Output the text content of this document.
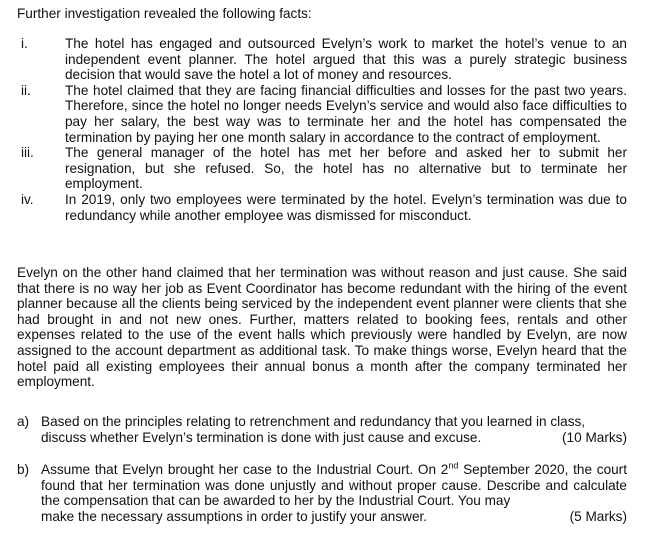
Further investigation revealed the following facts:
i.	The hotel has engaged and outsourced Evelyn’s work to market the hotel’s venue to an independent event planner. The hotel argued that this was a purely strategic business decision that would save the hotel a lot of money and resources.
ii.	The hotel claimed that they are facing financial difficulties and losses for the past two years. Therefore, since the hotel no longer needs Evelyn’s service and would also face difficulties to pay her salary, the best way was to terminate her and the hotel has compensated the termination by paying her one month salary in accordance to the contract of employment.
iii.	The general manager of the hotel has met her before and asked her to submit her resignation, but she refused. So, the hotel has no alternative but to terminate her employment.
iv.	In 2019, only two employees were terminated by the hotel. Evelyn’s termination was due to redundancy while another employee was dismissed for misconduct.
Evelyn on the other hand claimed that her termination was without reason and just cause. She said that there is no way her job as Event Coordinator has become redundant with the hiring of the event planner because all the clients being serviced by the independent event planner were clients that she had brought in and not new ones. Further, matters related to booking fees, rentals and other expenses related to the use of the event halls which previously were handled by Evelyn, are now assigned to the account department as additional task. To make things worse, Evelyn heard that the hotel paid all existing employees their annual bonus a month after the company terminated her employment.
a) Based on the principles relating to retrenchment and redundancy that you learned in class,
discuss whether Evelyn’s termination is done with just cause and excuse.	(10 Marks)
b) Assume that Evelyn brought her case to the Industrial Court. On 2nd September 2020, the court found that her termination was done unjustly and without proper cause. Describe and calculate the compensation that can be awarded to her by the Industrial Court. You may
make the necessary assumptions in order to justify your answer.	(5 Marks)
